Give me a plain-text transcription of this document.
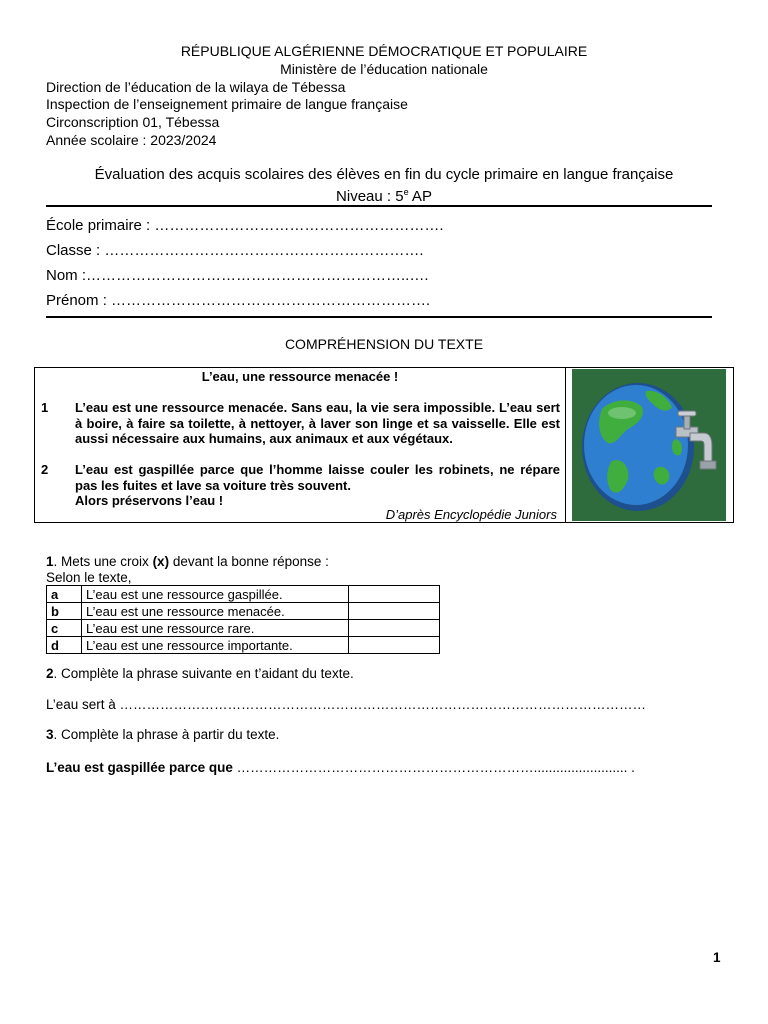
RÉPUBLIQUE ALGÉRIENNE DÉMOCRATIQUE ET POPULAIRE
Ministère de l’éducation nationale
Direction de l’éducation de la wilaya de Tébessa
Inspection de l’enseignement primaire de langue française
Circonscription 01, Tébessa
Année scolaire : 2023/2024
Évaluation des acquis scolaires des élèves en fin du cycle primaire en langue française
Niveau : 5e AP
École primaire : ………………………………………………….
Classe : ……………………………………………………….
Nom :………………………………………………………..….
Prénom : ……………………………………………………….
COMPRÉHENSION DU TEXTE
L’eau, une ressource menacée !
1 L’eau est une ressource menacée. Sans eau, la vie sera impossible. L’eau sert à boire, à faire sa toilette, à nettoyer, à laver son linge et sa vaisselle. Elle est aussi nécessaire aux humains, aux animaux et aux végétaux.
2 L’eau est gaspillée parce que l’homme laisse couler les robinets, ne répare pas les fuites et lave sa voiture très souvent.
Alors préservons l’eau !
D’après Encyclopédie Juniors
1. Mets une croix (x) devant la bonne réponse :
Selon le texte,
a	L’eau est une ressource gaspillée.	
b	L’eau est une ressource menacée.	
c	L’eau est une ressource rare.	
d	L’eau est une ressource importante.	
2. Complète la phrase suivante en t’aidant du texte.
L’eau sert à ………………………………………………………………………………………………………
3. Complète la phrase à partir du texte.
L’eau est gaspillée parce que …………………………………………………………......................... .
1
